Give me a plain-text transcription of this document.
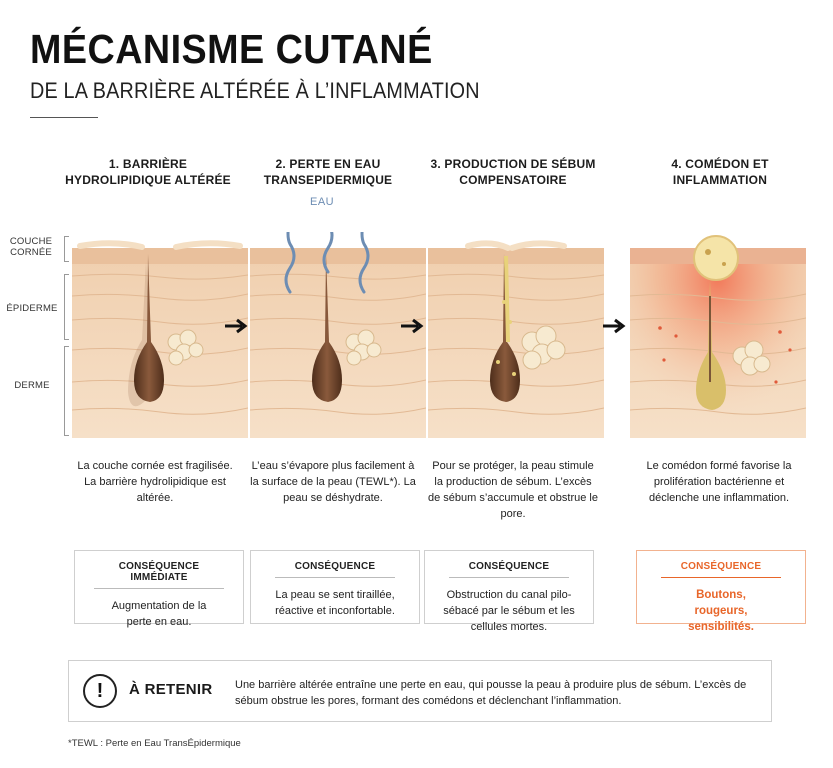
MÉCANISME CUTANÉ
DE LA BARRIÈRE ALTÉRÉE À L’INFLAMMATION
COUCHE CORNÉE
ÉPIDERME
DERME
1. BARRIÈRE HYDROLIPIDIQUE ALTÉRÉE
2. PERTE EN EAU TRANSEPIDERMIQUE
3. PRODUCTION DE SÉBUM COMPENSATOIRE
4. COMÉDON ET INFLAMMATION
EAU
La couche cornée est fragilisée. La barrière hydrolipidique est altérée.
L’eau s’évapore plus facilement à la surface de la peau (TEWL*). La peau se déshydrate.
Pour se protéger, la peau stimule la production de sébum. L’excès de sébum s’accumule et obstrue le pore.
Le comédon formé favorise la prolifération bactérienne et déclenche une inflammation.
CONSÉQUENCE IMMÉDIATE
Augmentation de la perte en eau.
CONSÉQUENCE
La peau se sent tiraillée, réactive et inconfortable.
CONSÉQUENCE
Obstruction du canal pilo-sébacé par le sébum et les cellules mortes.
CONSÉQUENCE
Boutons, rougeurs, sensibilités.
!	À RETENIR Une barrière altérée entraîne une perte en eau, qui pousse la peau à produire plus de sébum. L’excès de sébum obstrue les pores, formant des comédons et déclenchant l’inflammation.
*TEWL : Perte en Eau TransÉpidermique
